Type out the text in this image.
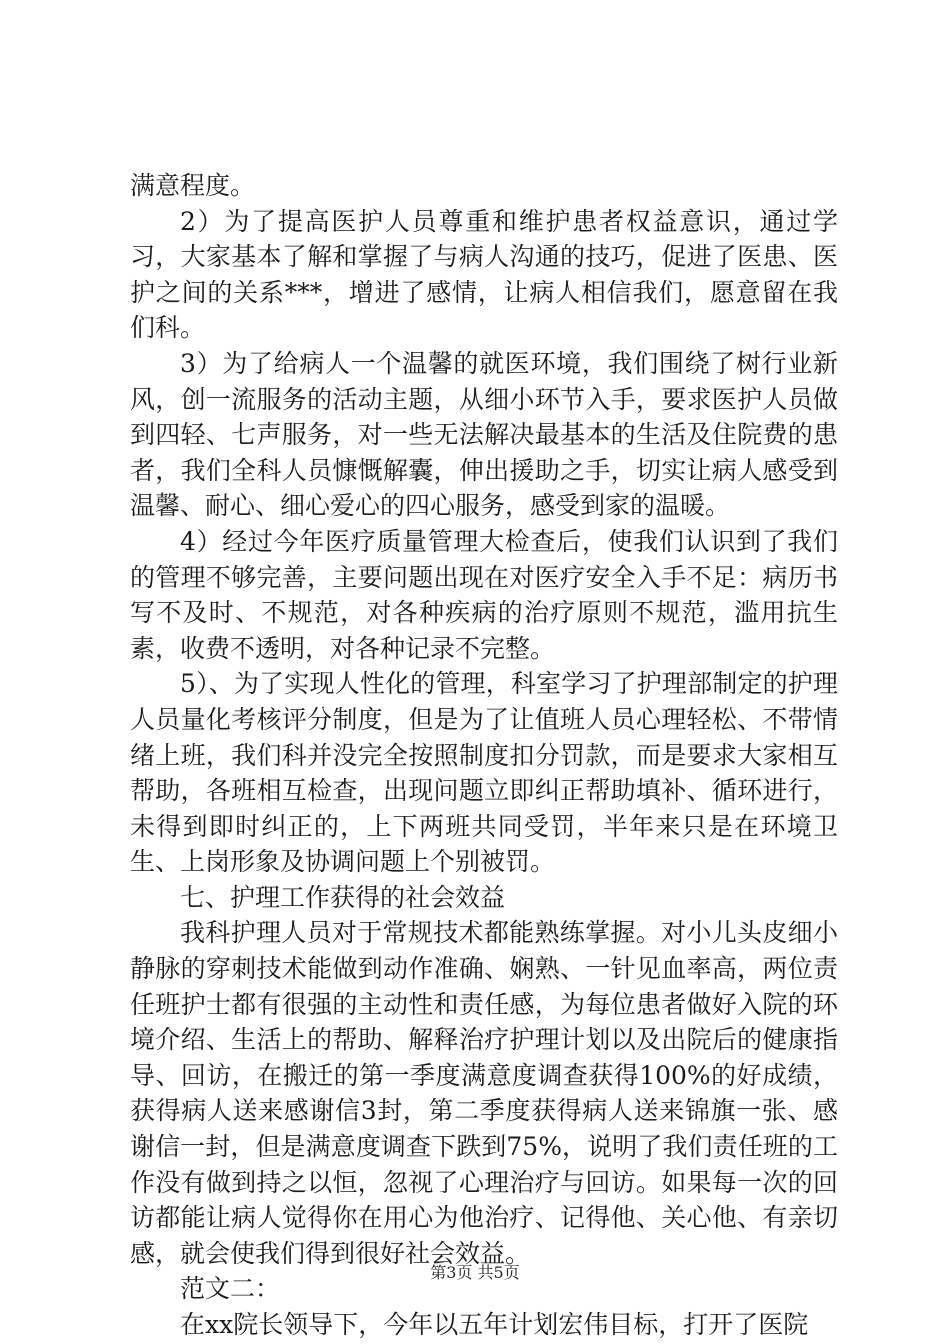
满意程度。

2）为了提高医护人员尊重和维护患者权益意识，通过学习，大家基本了解和掌握了与病人沟通的技巧，促进了医患、医护之间的关系***，增进了感情，让病人相信我们，愿意留在我们科。

3）为了给病人一个温馨的就医环境，我们围绕了树行业新风，创一流服务的活动主题，从细小环节入手，要求医护人员做到四轻、七声服务，对一些无法解决最基本的生活及住院费的患者，我们全科人员慷慨解囊，伸出援助之手，切实让病人感受到温馨、耐心、细心爱心的四心服务，感受到家的温暖。

4）经过今年医疗质量管理大检查后，使我们认识到了我们的管理不够完善，主要问题出现在对医疗安全入手不足：病历书写不及时、不规范，对各种疾病的治疗原则不规范，滥用抗生素，收费不透明，对各种记录不完整。

5）、为了实现人性化的管理，科室学习了护理部制定的护理人员量化考核评分制度，但是为了让值班人员心理轻松、不带情绪上班，我们科并没完全按照制度扣分罚款，而是要求大家相互帮助，各班相互检查，出现问题立即纠正帮助填补、循环进行，未得到即时纠正的，上下两班共同受罚，半年来只是在环境卫生、上岗形象及协调问题上个别被罚。

七、护理工作获得的社会效益

我科护理人员对于常规技术都能熟练掌握。对小儿头皮细小静脉的穿刺技术能做到动作准确、娴熟、一针见血率高，两位责任班护士都有很强的主动性和责任感，为每位患者做好入院的环境介绍、生活上的帮助、解释治疗护理计划以及出院后的健康指导、回访，在搬迁的第一季度满意度调查获得100%的好成绩，获得病人送来感谢信3封，第二季度获得病人送来锦旗一张、感谢信一封，但是满意度调查下跌到75%，说明了我们责任班的工作没有做到持之以恒，忽视了心理治疗与回访。如果每一次的回访都能让病人觉得你在用心为他治疗、记得他、关心他、有亲切感，就会使我们得到很好社会效益。

范文二：

在xx院长领导下，今年以五年计划宏伟目标，打开了医院

第3页 共5页
